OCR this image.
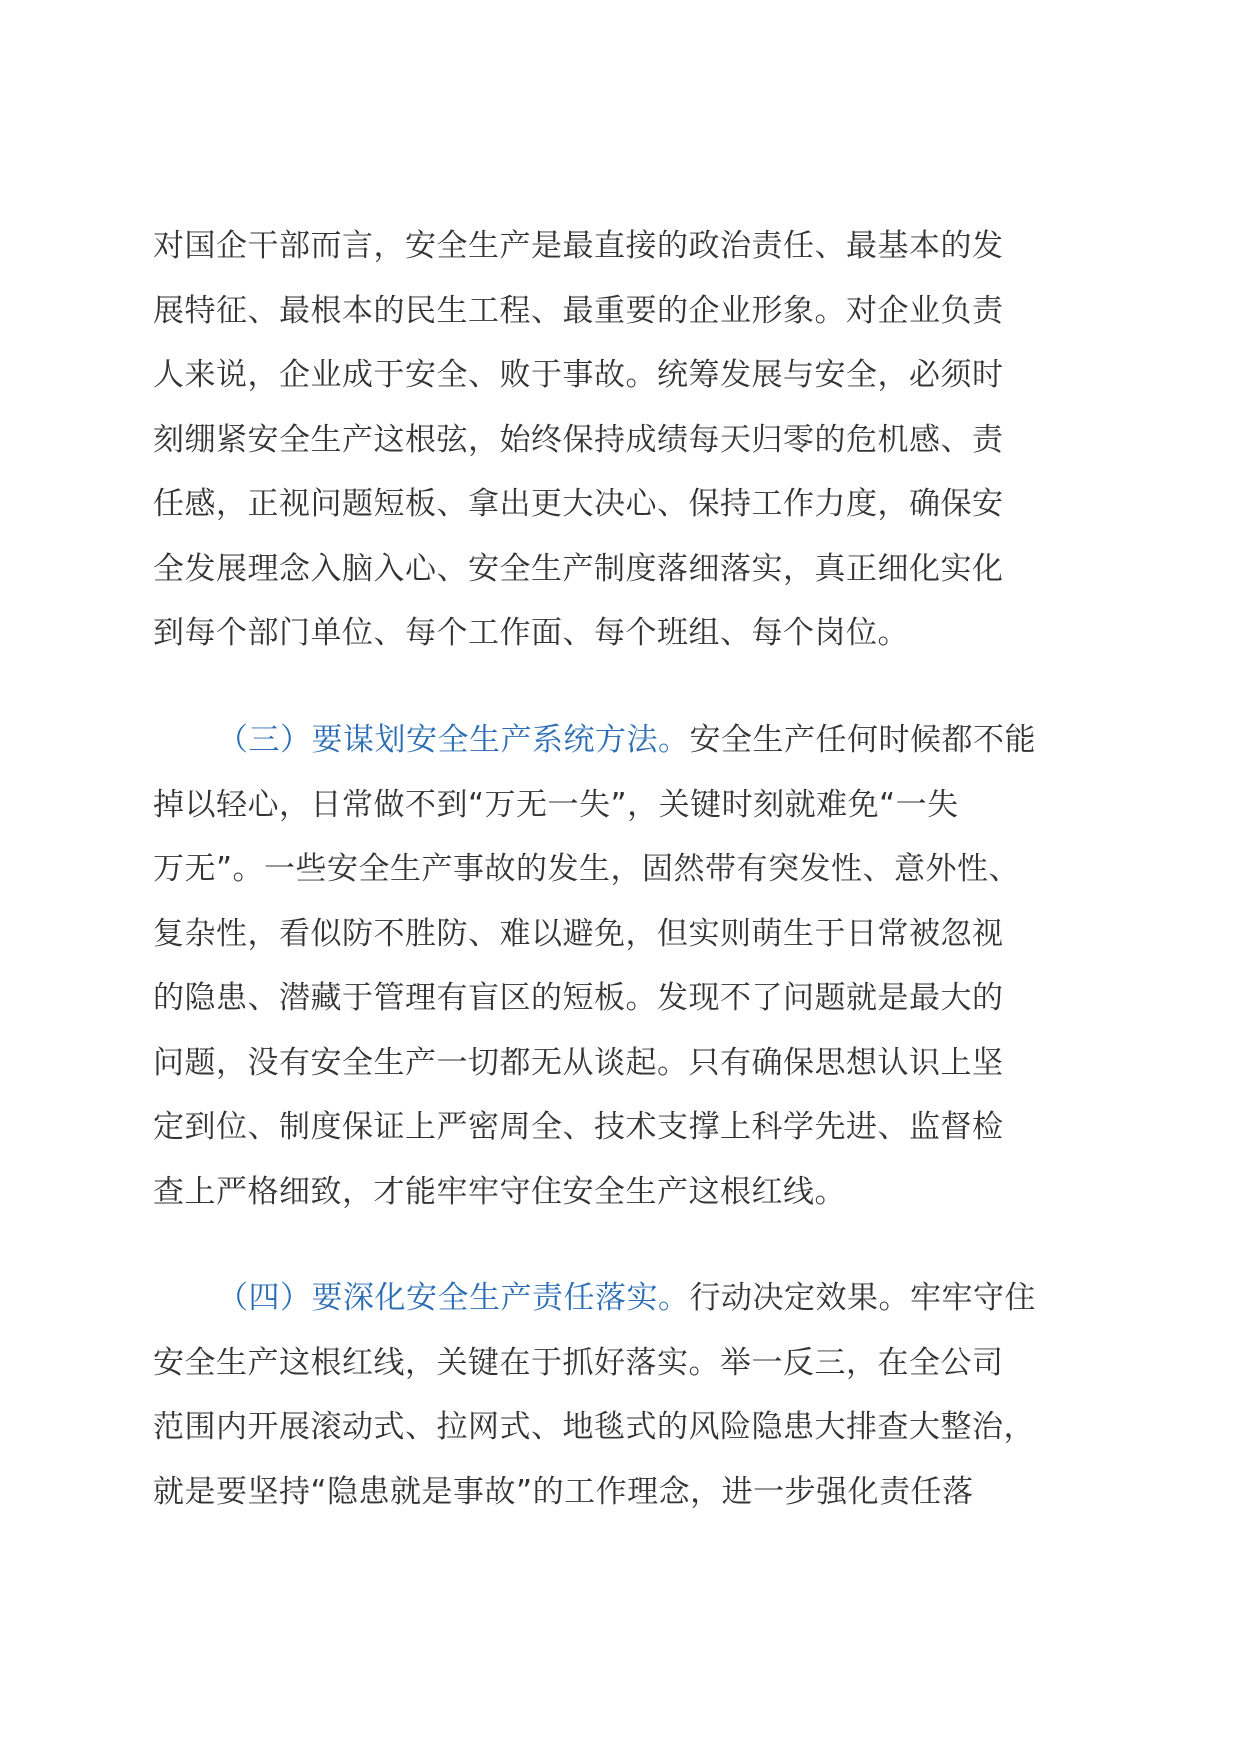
对国企干部而言，安全生产是最直接的政治责任、最基本的发
展特征、最根本的民生工程、最重要的企业形象。对企业负责
人来说，企业成于安全、败于事故。统筹发展与安全，必须时
刻绷紧安全生产这根弦，始终保持成绩每天归零的危机感、责
任感，正视问题短板、拿出更大决心、保持工作力度，确保安
全发展理念入脑入心、安全生产制度落细落实，真正细化实化
到每个部门单位、每个工作面、每个班组、每个岗位。
（三）要谋划安全生产系统方法。安全生产任何时候都不能
掉以轻心，日常做不到“万无一失”，关键时刻就难免“一失
万无”。一些安全生产事故的发生，固然带有突发性、意外性、
复杂性，看似防不胜防、难以避免，但实则萌生于日常被忽视
的隐患、潜藏于管理有盲区的短板。发现不了问题就是最大的
问题，没有安全生产一切都无从谈起。只有确保思想认识上坚
定到位、制度保证上严密周全、技术支撑上科学先进、监督检
查上严格细致，才能牢牢守住安全生产这根红线。
（四）要深化安全生产责任落实。行动决定效果。牢牢守住
安全生产这根红线，关键在于抓好落实。举一反三，在全公司
范围内开展滚动式、拉网式、地毯式的风险隐患大排查大整治，
就是要坚持“隐患就是事故”的工作理念，进一步强化责任落
